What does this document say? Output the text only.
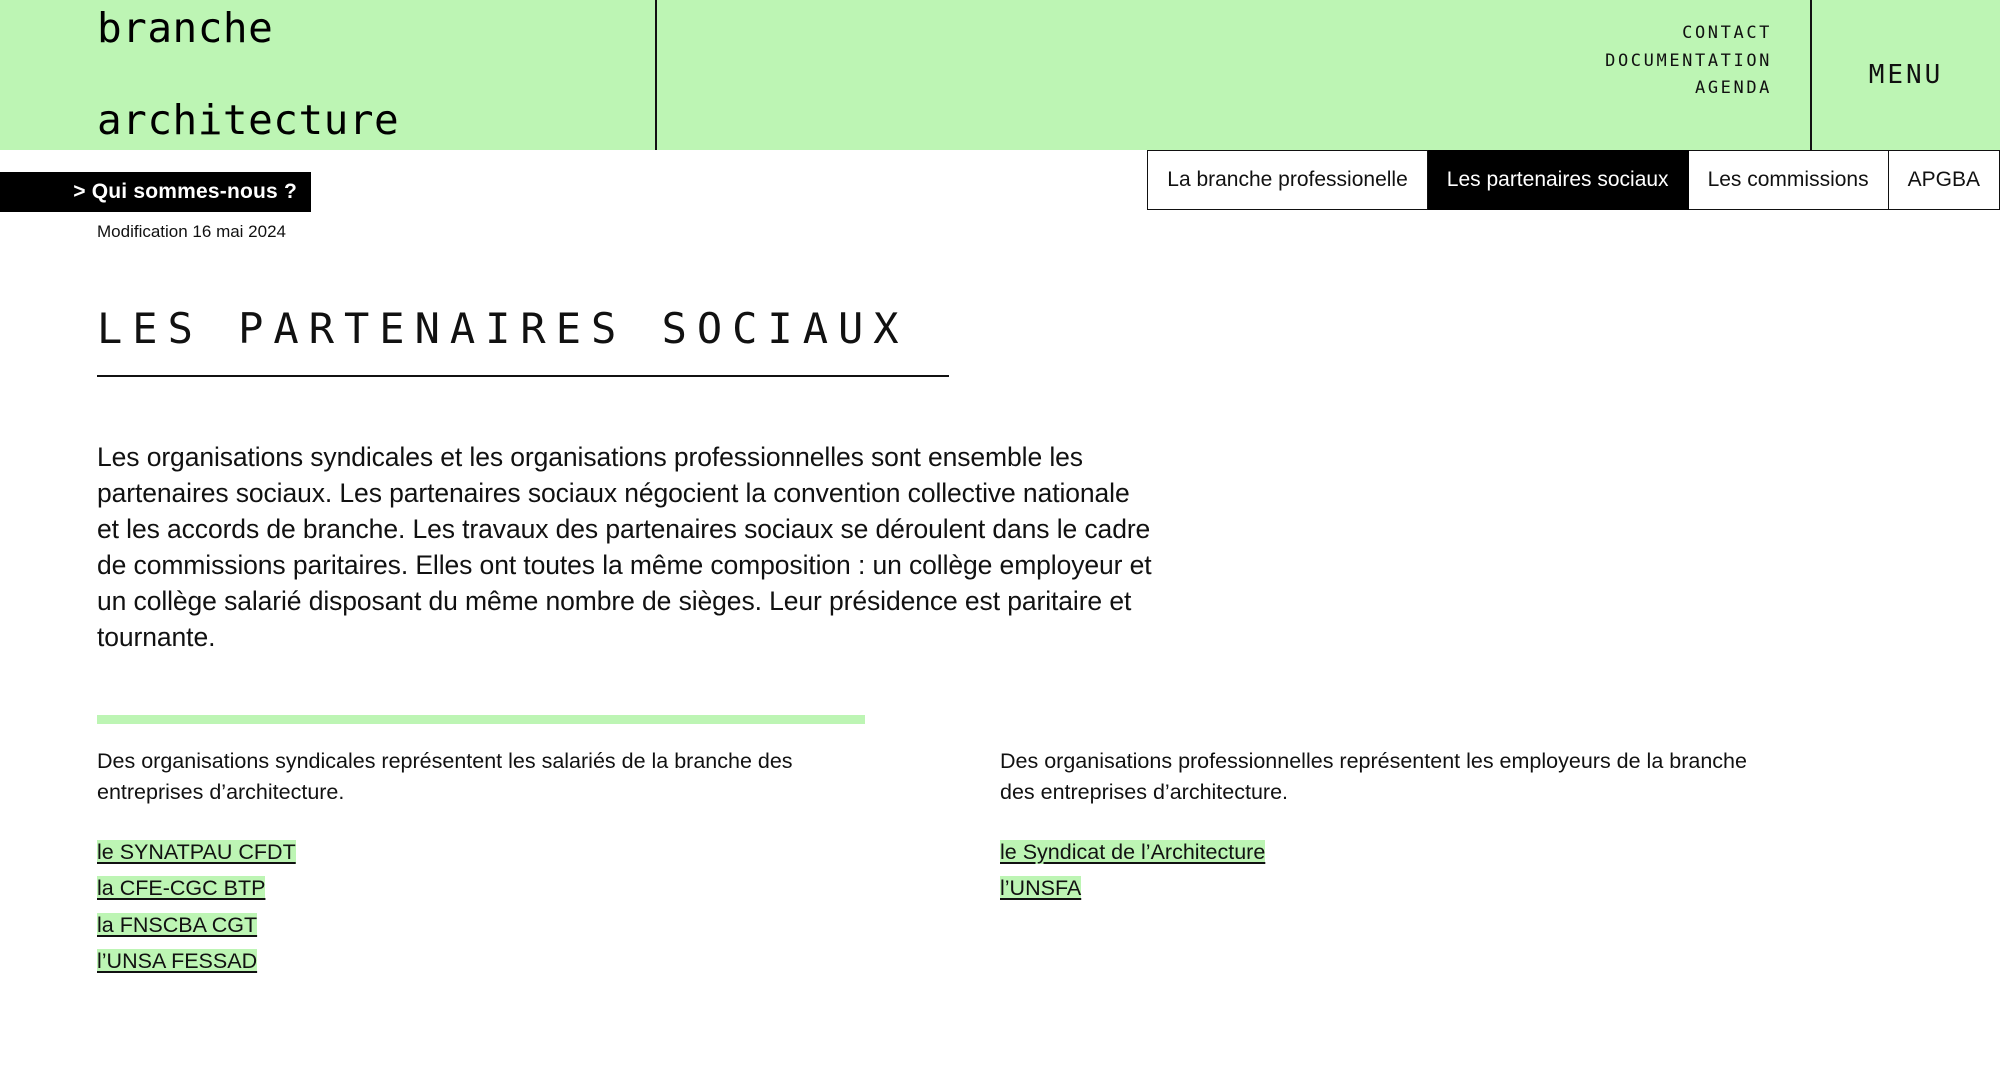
branche

architecture

CONTACT
DOCUMENTATION
AGENDA	MENU
> Qui sommes-nous ?
La branche professionelle	Les partenaires sociaux	Les commissions	APGBA
Modification 16 mai 2024
LES PARTENAIRES SOCIAUX

Les organisations syndicales et les organisations professionnelles sont ensemble les partenaires sociaux. Les partenaires sociaux négocient la convention collective nationale et les accords de branche. Les travaux des partenaires sociaux se déroulent dans le cadre de commissions paritaires. Elles ont toutes la même composition : un collège employeur et un collège salarié disposant du même nombre de sièges. Leur présidence est paritaire et tournante.

Des organisations syndicales représentent les salariés de la branche des entreprises d’architecture.

le SYNATPAU CFDT
la CFE-CGC BTP
la FNSCBA CGT
l’UNSA FESSAD

Des organisations professionnelles représentent les employeurs de la branche des entreprises d’architecture.

le Syndicat de l’Architecture
l’UNSFA
